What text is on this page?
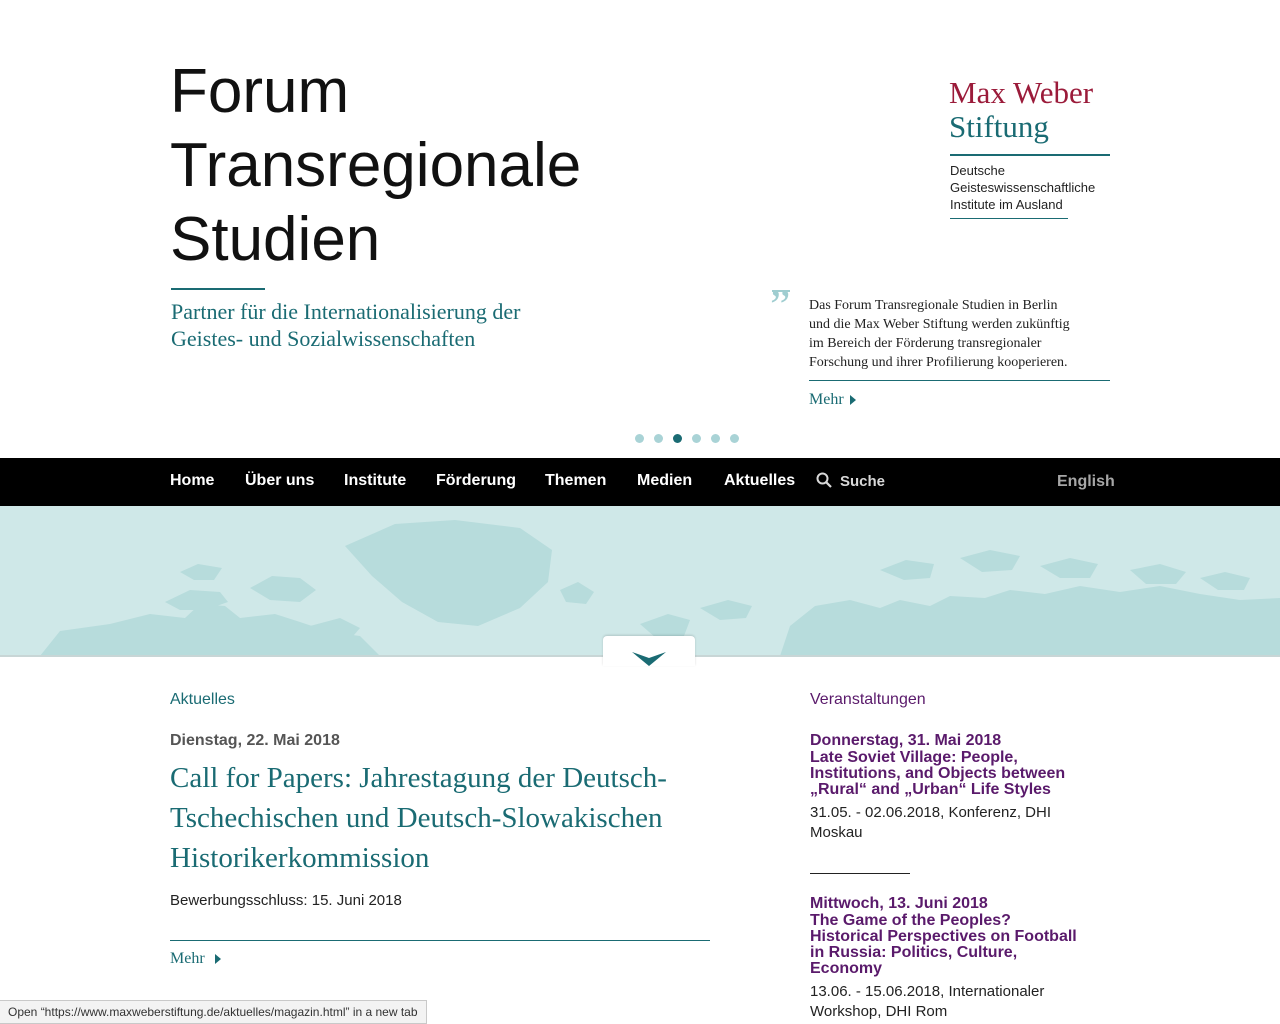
Forum
Transregionale
Studien
Partner für die Internationalisierung der
Geistes- und Sozialwissenschaften
Max Weber
Stiftung
Deutsche
Geisteswissenschaftliche
Institute im Ausland
” Das Forum Transregionale Studien in Berlin
und die Max Weber Stiftung werden zukünftig
im Bereich der Förderung transregionaler
Forschung und ihrer Profilierung kooperieren.
Mehr
Home Über uns Institute Förderung Themen Medien Aktuelles	Suche	English
Aktuelles
Dienstag, 22. Mai 2018
Call for Papers: Jahrestagung der Deutsch-
Tschechischen und Deutsch-Slowakischen
Historikerkommission
Bewerbungsschluss: 15. Juni 2018
Mehr
Veranstaltungen
Donnerstag, 31. Mai 2018
Late Soviet Village: People,
Institutions, and Objects between
„Rural“ and „Urban“ Life Styles
31.05. - 02.06.2018, Konferenz, DHI
Moskau
Mittwoch, 13. Juni 2018
The Game of the Peoples?
Historical Perspectives on Football
in Russia: Politics, Culture,
Economy
13.06. - 15.06.2018, Internationaler
Workshop, DHI Rom
Open “https://www.maxweberstiftung.de/aktuelles/magazin.html” in a new tab
